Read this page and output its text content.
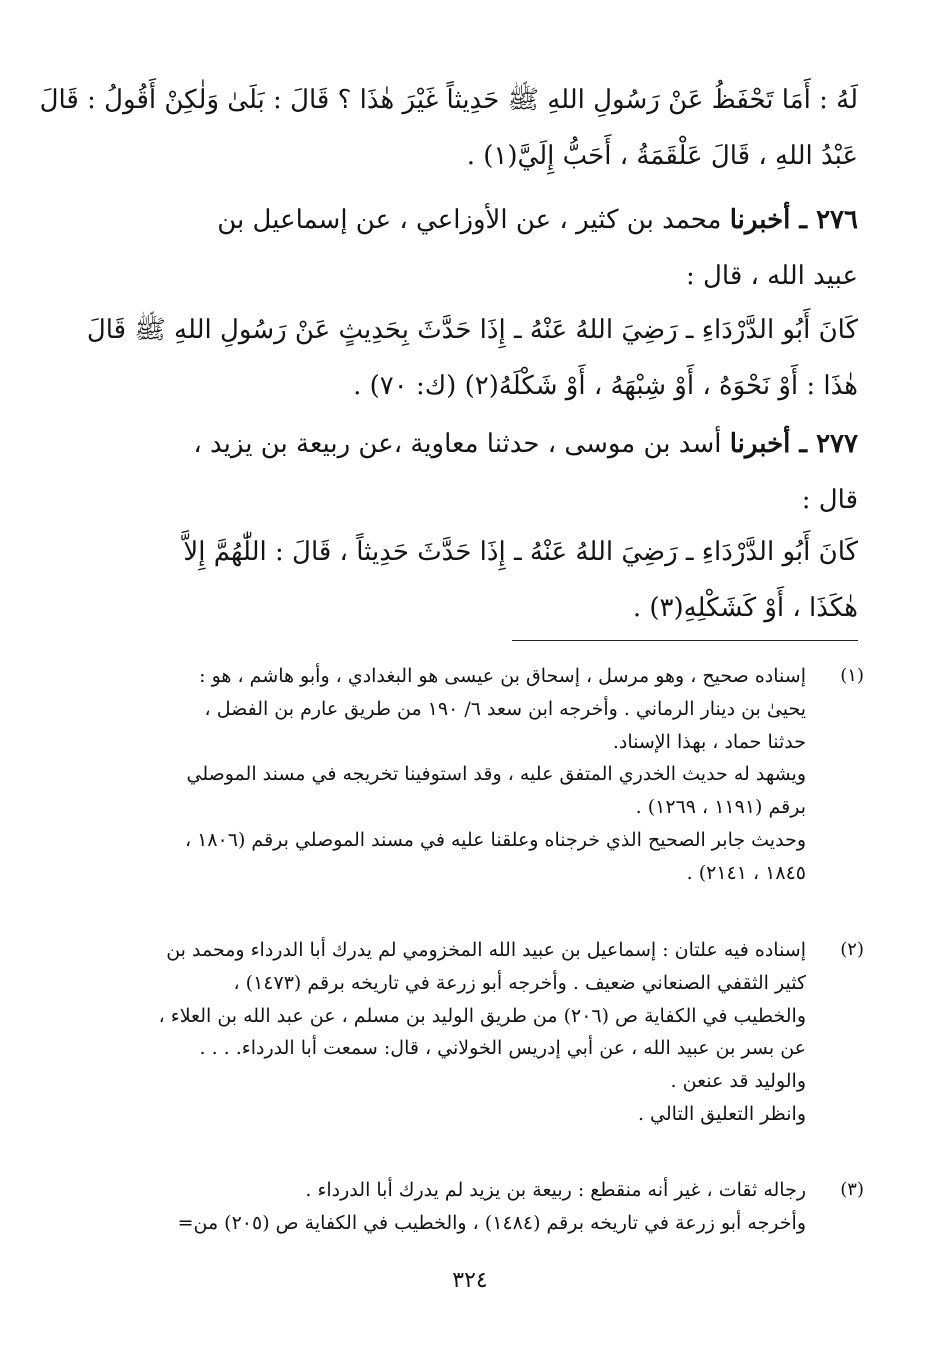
لَهُ : أَمَا تَحْفَظُ عَنْ رَسُولِ اللهِ ﷺ حَدِيثاً غَيْرَ هٰذَا ؟ قَالَ : بَلَىٰ وَلٰكِنْ أَقُولُ : قَالَ
عَبْدُ اللهِ ، قَالَ عَلْقَمَةُ ، أَحَبُّ إِلَيَّ(١) .

٢٧٦ ـ أخبرنا محمد بن كثير ، عن الأوزاعي ، عن إسماعيل بن
عبيد الله ، قال :

كَانَ أَبُو الدَّرْدَاءِ ـ رَضِيَ اللهُ عَنْهُ ـ إِذَا حَدَّثَ بِحَدِيثٍ عَنْ رَسُولِ اللهِ ﷺ قَالَ
هٰذَا : أَوْ نَحْوَهُ ، أَوْ شِبْهَهُ ، أَوْ شَكْلَهُ(٢) (ك: ٧٠) .

٢٧٧ ـ أخبرنا أسد بن موسى ، حدثنا معاوية ،عن ربيعة بن يزيد ،
قال :

كَانَ أَبُو الدَّرْدَاءِ ـ رَضِيَ اللهُ عَنْهُ ـ إِذَا حَدَّثَ حَدِيثاً ، قَالَ : اللّٰهُمَّ إِلاَّ
هٰكَذَا ، أَوْ كَشَكْلِهِ(٣) .

(١)
إسناده صحيح ، وهو مرسل ، إسحاق بن عيسى هو البغدادي ، وأبو هاشم ، هو :
يحيىٰ بن دينار الرماني . وأخرجه ابن سعد ٦/ ١٩٠ من طريق عارم بن الفضل ،
حدثنا حماد ، بهذا الإسناد.
ويشهد له حديث الخدري المتفق عليه ، وقد استوفينا تخريجه في مسند الموصلي
برقم (١١٩١ ، ١٢٦٩) .
وحديث جابر الصحيح الذي خرجناه وعلقنا عليه في مسند الموصلي برقم (١٨٠٦ ،
١٨٤٥ ، ٢١٤١) .
(٢)
إسناده فيه علتان : إسماعيل بن عبيد الله المخزومي لم يدرك أبا الدرداء ومحمد بن
كثير الثقفي الصنعاني ضعيف . وأخرجه أبو زرعة في تاريخه برقم (١٤٧٣) ،
والخطيب في الكفاية ص (٢٠٦) من طريق الوليد بن مسلم ، عن عبد الله بن العلاء ،
عن بسر بن عبيد الله ، عن أبي إدريس الخولاني ، قال: سمعت أبا الدرداء. . . .
والوليد قد عنعن .
وانظر التعليق التالي .
(٣)
رجاله ثقات ، غير أنه منقطع : ربيعة بن يزيد لم يدرك أبا الدرداء .
وأخرجه أبو زرعة في تاريخه برقم (١٤٨٤) ، والخطيب في الكفاية ص (٢٠٥) من=
٣٢٤
